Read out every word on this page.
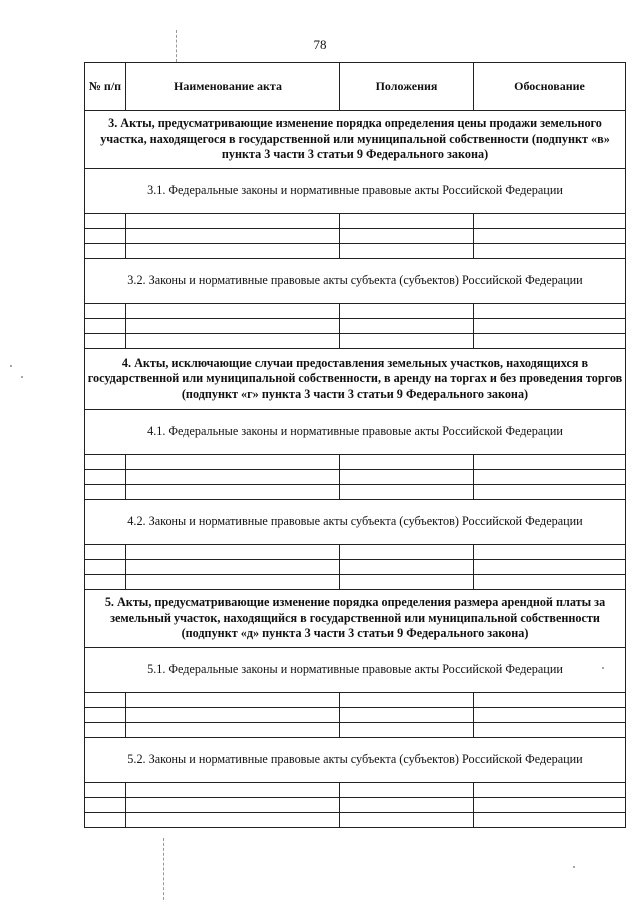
78
№ п/п	Наименование акта	Положения	Обоснование
3. Акты, предусматривающие изменение порядка определения цены продажи земельного участка, находящегося в государственной или муниципальной собственности (подпункт «в» пункта 3 части 3 статьи 9 Федерального закона)			
3.1. Федеральные законы и нормативные правовые акты Российской Федерации			

3.2. Законы и нормативные правовые акты субъекта (субъектов) Российской Федерации			

4. Акты, исключающие случаи предоставления земельных участков, находящихся в государственной или муниципальной собственности, в аренду на торгах и без проведения торгов (подпункт «г» пункта 3 части 3 статьи 9 Федерального закона)			
4.1. Федеральные законы и нормативные правовые акты Российской Федерации			

4.2. Законы и нормативные правовые акты субъекта (субъектов) Российской Федерации			

5. Акты, предусматривающие изменение порядка определения размера арендной платы за земельный участок, находящийся в государственной или муниципальной собственности (подпункт «д» пункта 3 части 3 статьи 9 Федерального закона)			
5.1. Федеральные законы и нормативные правовые акты Российской Федерации			

5.2. Законы и нормативные правовые акты субъекта (субъектов) Российской Федерации			
